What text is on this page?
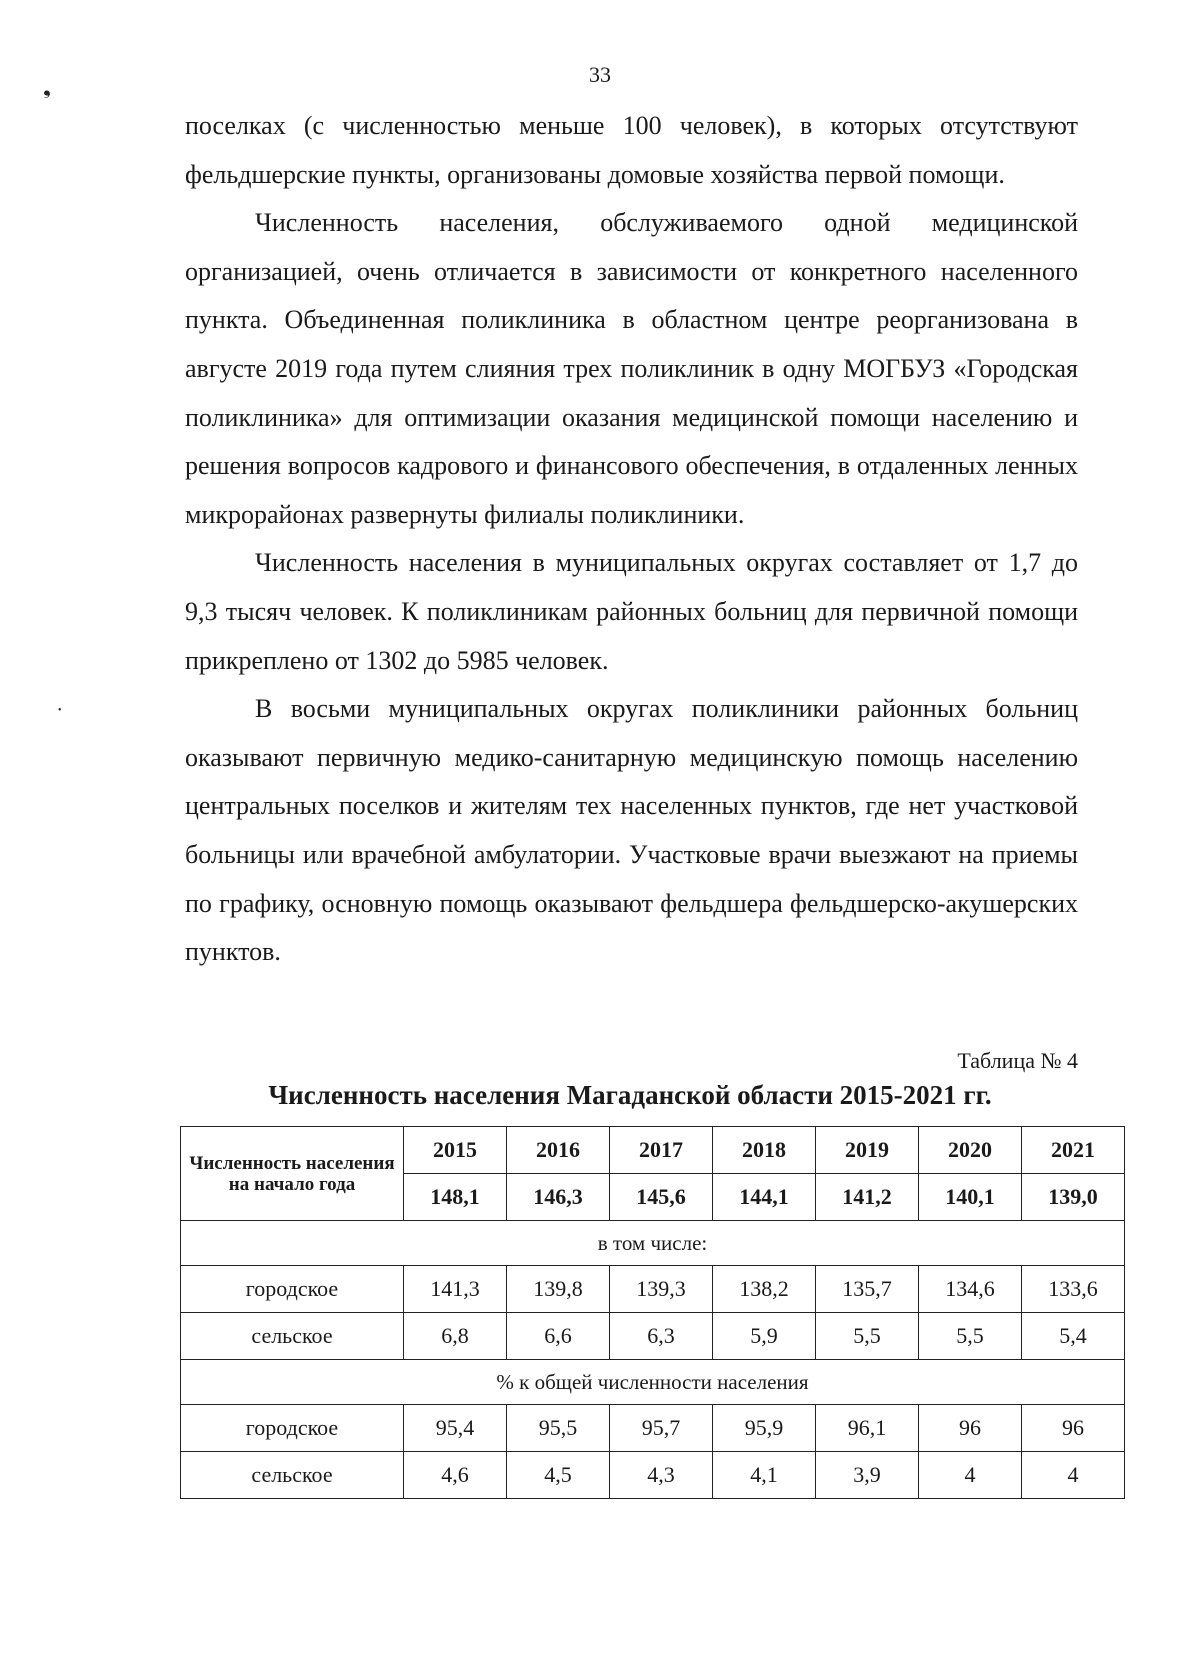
33
❟
•

поселках (с численностью меньше 100 человек), в которых отсутствуют фельдшерские пункты, организованы домовые хозяйства первой помощи.

Численность населения, обслуживаемого одной медицинской организацией, очень отличается в зависимости от конкретного населенного пункта. Объединенная поликлиника в областном центре реорганизована в августе 2019 года путем слияния трех поликлиник в одну МОГБУЗ «Городская поликлиника» для оптимизации оказания медицинской помощи населению и решения вопросов кадрового и финансового обеспечения, в отдаленных ленных микрорайонах развернуты филиалы поликлиники.

Численность населения в муниципальных округах составляет от 1,7 до 9,3 тысяч человек. К поликлиникам районных больниц для первичной помощи прикреплено от 1302 до 5985 человек.

В восьми муниципальных округах поликлиники районных больниц оказывают первичную медико-санитарную медицинскую помощь населению центральных поселков и жителям тех населенных пунктов, где нет участковой больницы или врачебной амбулатории. Участковые врачи выезжают на приемы по графику, основную помощь оказывают фельдшера фельдшерско-акушерских пунктов.

Таблица № 4
Численность населения Магаданской области 2015-2021 гг.
Численность населения на начало года	2015	2016	2017	2018	2019	2020	2021
	148,1	146,3	145,6	144,1	141,2	140,1	139,0
в том числе:							
городское	141,3	139,8	139,3	138,2	135,7	134,6	133,6
сельское	6,8	6,6	6,3	5,9	5,5	5,5	5,4
% к общей численности населения							
городское	95,4	95,5	95,7	95,9	96,1	96	96
сельское	4,6	4,5	4,3	4,1	3,9	4	4
